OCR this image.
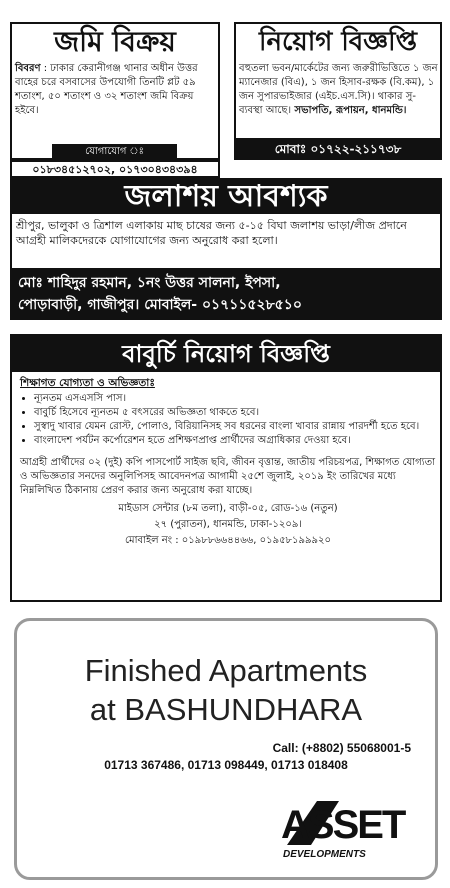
জমি বিক্রয়
বিবরণ : ঢাকার কেরানীগঞ্জ থানার অধীন উত্তর বাহের চরে বসবাসের উপযোগী তিনটি প্লট ৫৯ শতাংশ, ৫০ শতাংশ ও ৩২ শতাংশ জমি বিক্রয় হইবে।
যোগাযোগ ঃ
০১৮৩৪৫১২৭০২, ০১৭৩০৪৩৪৩৯৪
নিয়োগ বিজ্ঞপ্তি
বহুতলা ভবন/মার্কেটের জন্য জরুরীভিত্তিতে ১ জন ম্যানেজার (বিএ), ১ জন হিসাব-রক্ষক (বি.কম), ১ জন সুপারভাইজার (এইচ.এস.সি)। থাকার সু-ব্যবস্থা আছে। সভাপতি, রূপায়ন, ধানমন্ডি।
মোবাঃ ০১৭২২-২১১৭৩৮
জলাশয় আবশ্যক
শ্রীপুর, ভালুকা ও ত্রিশাল এলাকায় মাছ চাষের জন্য ৫-১৫ বিঘা জলাশয় ভাড়া/লীজ প্রদানে আগ্রহী মালিকদেরকে যোগাযোগের জন্য অনুরোধ করা হলো।
মোঃ শাহিদুর রহমান, ১নং উত্তর সালনা, ইপসা,
পোড়াবাড়ী, গাজীপুর। মোবাইল- ০১৭১১৫২৮৫১০
বাবুর্চি নিয়োগ বিজ্ঞপ্তি
শিক্ষাগত যোগ্যতা ও অভিজ্ঞতাঃ
• ন্যূনতম এসএসসি পাস।
• বাবুর্চি হিসেবে ন্যূনতম ৫ বৎসরের অভিজ্ঞতা থাকতে হবে।
• সুস্বাদু খাবার যেমন রোস্ট, পোলাও, বিরিয়ানিসহ সব ধরনের বাংলা খাবার রান্নায় পারদর্শী হতে হবে।
• বাংলাদেশ পর্যটন কর্পোরেশন হতে প্রশিক্ষণপ্রাপ্ত প্রার্থীদের অগ্রাধিকার দেওয়া হবে।
আগ্রহী প্রার্থীদের ০২ (দুই) কপি পাসপোর্ট সাইজ ছবি, জীবন বৃত্তান্ত, জাতীয় পরিচয়পত্র, শিক্ষাগত যোগ্যতা ও অভিজ্ঞতার সনদের অনুলিপিসহ আবেদনপত্র আগামী ২৫শে জুলাই, ২০১৯ ইং তারিখের মধ্যে নিম্নলিখিত ঠিকানায় প্রেরণ করার জন্য অনুরোধ করা যাচ্ছে।
মাইডাস সেন্টার (৮ম তলা), বাড়ী-০৫, রোড-১৬ (নতুন)
২৭ (পুরাতন), ধানমন্ডি, ঢাকা-১২০৯।
মোবাইল নং : ০১৯৮৮৬৬৪৪৬৬, ০১৯৫৮১৯৯৯২০
Finished Apartments
at BASHUNDHARA
Call: (+8802) 55068001-5
01713 367486, 01713 098449, 01713 018408
ASSET
DEVELOPMENTS
